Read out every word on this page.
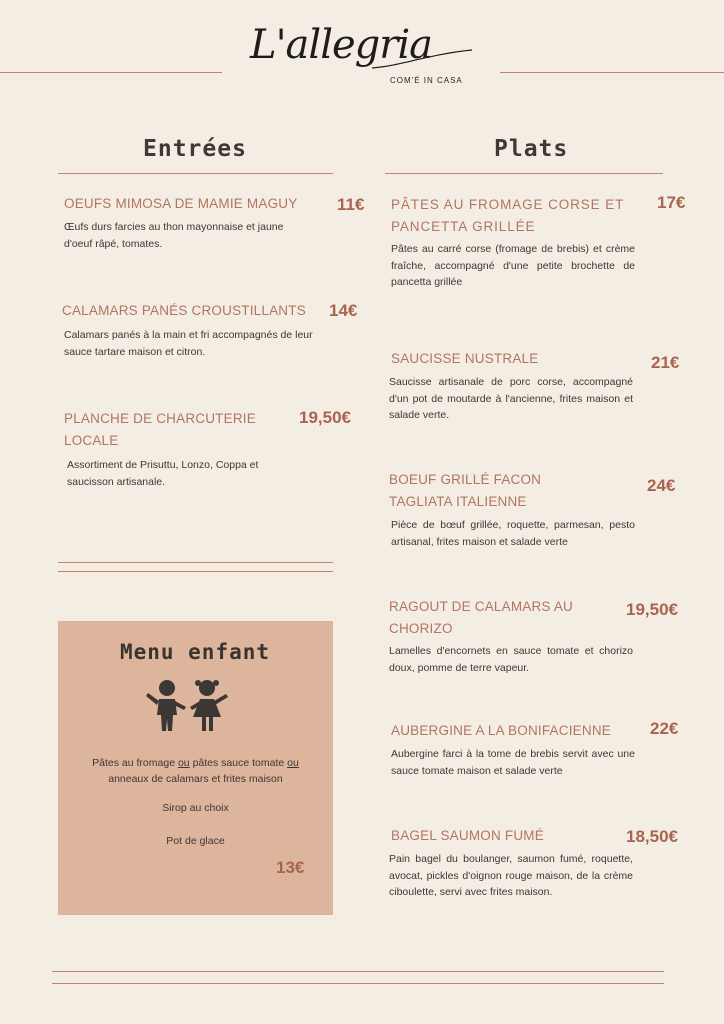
L'allegria
COM'É IN CASA
Entrées
OEUFS MIMOSA DE MAMIE MAGUY	11€
Œufs durs farcies au thon mayonnaise et jaune d'oeuf râpé, tomates.
CALAMARS PANÉS CROUSTILLANTS	14€
Calamars panés à la main et fri accompagnés de leur sauce tartare maison et citron.
PLANCHE DE CHARCUTERIE LOCALE
19,50€
Assortiment de Prisuttu, Lonzo, Coppa et saucisson artisanale.
Menu enfant
Pâtes au fromage ou pâtes sauce tomate ou
anneaux de calamars et frites maison
Sirop au choix
Pot de glace
13€
Plats
PÂTES AU FROMAGE CORSE ET PANCETTA GRILLÉE
17€
Pâtes au carré corse (fromage de brebis) et crème fraîche, accompagné d'une petite brochette de pancetta grillée
SAUCISSE NUSTRALE	21€
Saucisse artisanale de porc corse, accompagné d'un pot de moutarde à l'ancienne, frites maison et salade verte.
BOEUF GRILLÉ FACON TAGLIATA ITALIENNE
24€
Pièce de bœuf grillée, roquette, parmesan, pesto artisanal, frites maison et salade verte
RAGOUT DE CALAMARS AU CHORIZO
19,50€
Lamelles d'encornets en sauce tomate et chorizo doux, pomme de terre vapeur.
AUBERGINE A LA BONIFACIENNE	22€
Aubergine farci à la tome de brebis servit avec une sauce tomate maison et salade verte
BAGEL SAUMON FUMÉ	18,50€
Pain bagel du boulanger, saumon fumé, roquette, avocat, pickles d'oignon rouge maison, de la crème ciboulette, servi avec frites maison.
